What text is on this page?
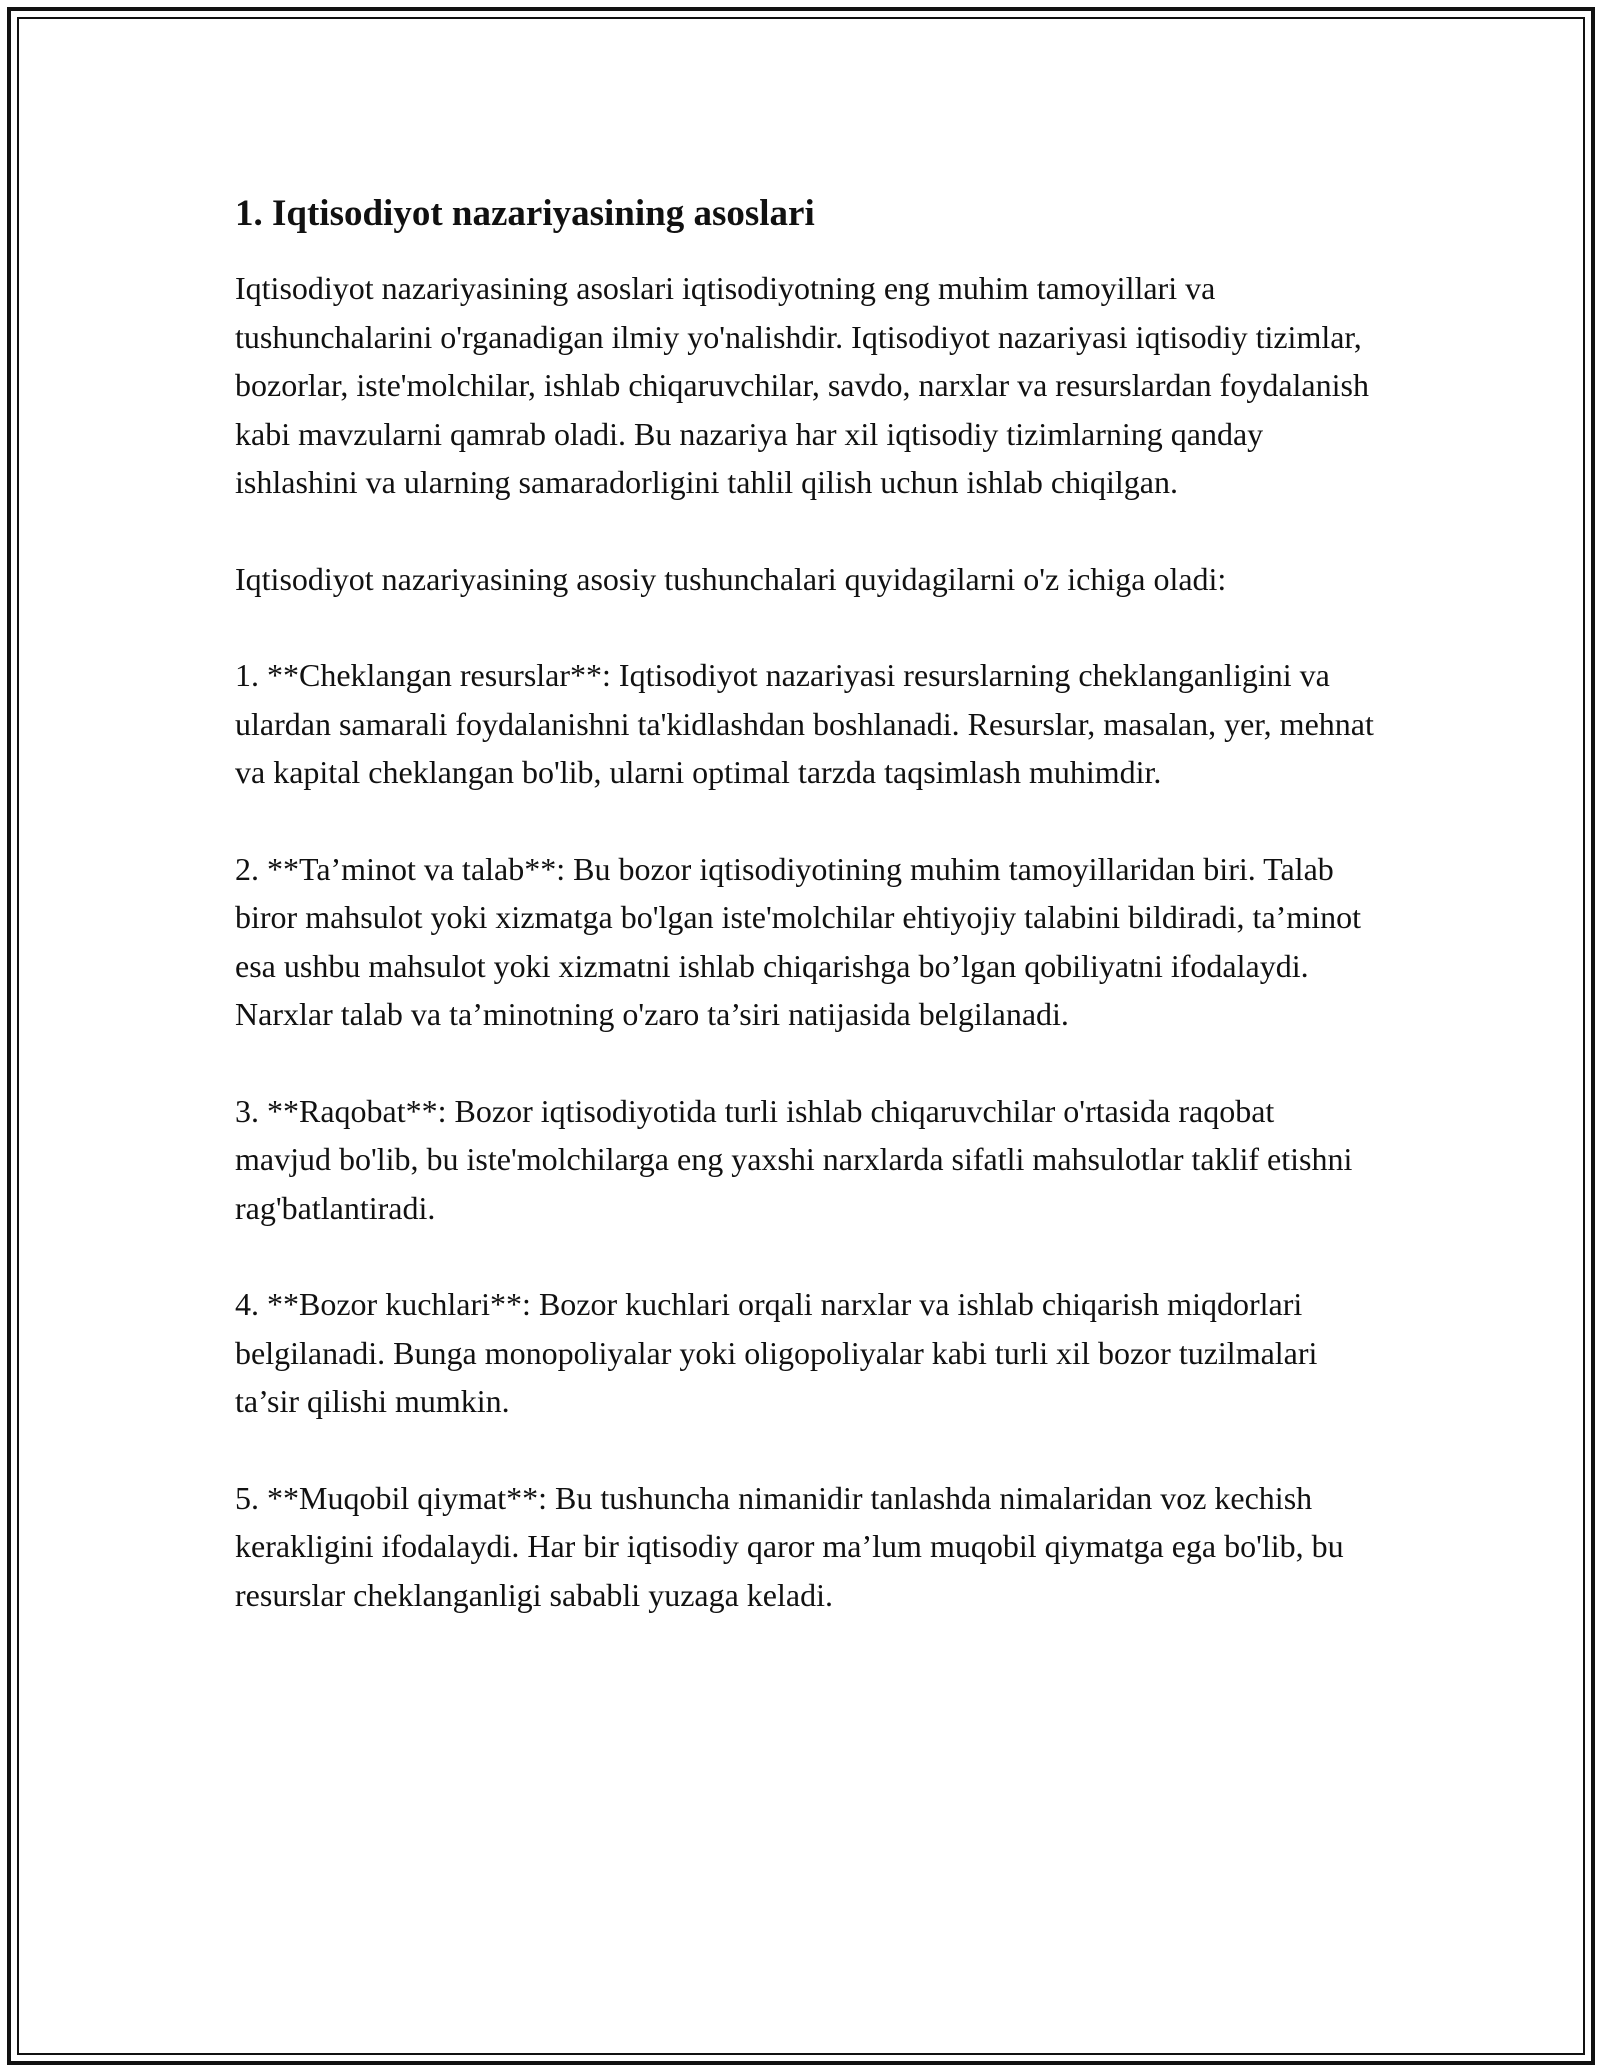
1. Iqtisodiyot nazariyasining asoslari

Iqtisodiyot nazariyasining asoslari iqtisodiyotning eng muhim tamoyillari va tushunchalarini o'rganadigan ilmiy yo'nalishdir. Iqtisodiyot nazariyasi iqtisodiy tizimlar, bozorlar, iste'molchilar, ishlab chiqaruvchilar, savdo, narxlar va resurslardan foydalanish kabi mavzularni qamrab oladi. Bu nazariya har xil iqtisodiy tizimlarning qanday ishlashini va ularning samaradorligini tahlil qilish uchun ishlab chiqilgan.

Iqtisodiyot nazariyasining asosiy tushunchalari quyidagilarni o'z ichiga oladi:

1. **Cheklangan resurslar**: Iqtisodiyot nazariyasi resurslarning cheklanganligini va ulardan samarali foydalanishni ta'kidlashdan boshlanadi. Resurslar, masalan, yer, mehnat va kapital cheklangan bo'lib, ularni optimal tarzda taqsimlash muhimdir.

2. **Ta’minot va talab**: Bu bozor iqtisodiyotining muhim tamoyillaridan biri. Talab biror mahsulot yoki xizmatga bo'lgan iste'molchilar ehtiyojiy talabini bildiradi, ta’minot esa ushbu mahsulot yoki xizmatni ishlab chiqarishga bo’lgan qobiliyatni ifodalaydi. Narxlar talab va ta’minotning o'zaro ta’siri natijasida belgilanadi.

3. **Raqobat**: Bozor iqtisodiyotida turli ishlab chiqaruvchilar o'rtasida raqobat mavjud bo'lib, bu iste'molchilarga eng yaxshi narxlarda sifatli mahsulotlar taklif etishni rag'batlantiradi.

4. **Bozor kuchlari**: Bozor kuchlari orqali narxlar va ishlab chiqarish miqdorlari belgilanadi. Bunga monopoliyalar yoki oligopoliyalar kabi turli xil bozor tuzilmalari ta’sir qilishi mumkin.

5. **Muqobil qiymat**: Bu tushuncha nimanidir tanlashda nimalaridan voz kechish kerakligini ifodalaydi. Har bir iqtisodiy qaror ma’lum muqobil qiymatga ega bo'lib, bu resurslar cheklanganligi sababli yuzaga keladi.
